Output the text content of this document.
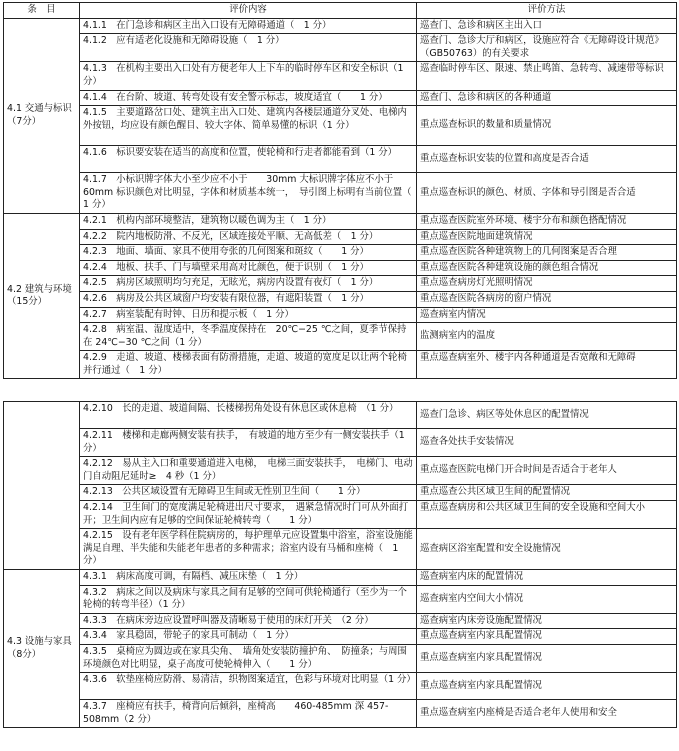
条　目	评价内容	评价方法
4.1 交通与标识（7分）	4.1.1　在门急诊和病区主出入口设有无障碍通道（　1 分）	巡查门、急诊和病区主出入口
	4.1.2　应有适老化设施和无障碍设施（　1 分）	巡查门、急诊大厅和病区，设施应符合《无障碍设计规范》（GB50763）的有关要求
	4.1.3　在机构主要出入口处有方便老年人上下车的临时停车区和安全标识（1 分）	巡查临时停车区、限速、禁止鸣笛、急转弯、减速带等标识
	4.1.4　在台阶、坡道、转弯处设有安全警示标志，坡度适宜（　　1 分）	巡查门、急诊和病区的各种通道
	4.1.5　主要道路岔口处、建筑主出入口处、建筑内各楼层通道分叉处、电梯内外按钮，均应设有颜色醒目、较大字体、简单易懂的标识（1 分）	重点巡查标识的数量和质量情况
	4.1.6　标识要安装在适当的高度和位置，使轮椅和行走者都能看到（1 分）	重点巡查标识安装的位置和高度是否合适
	4.1.7　小标识牌字体大小至少应不小于　　30mm 大标识牌字体应不小于 60mm 标识颜色对比明显，字体和材质基本统一，　导引图上标明有当前位置（　1 分）	重点巡查标识的颜色、材质、字体和导引图是否合适
4.2 建筑与环境（15分）	4.2.1　机构内部环境整洁，建筑物以暖色调为主（　1 分）	重点巡查医院室外环境、楼宇分布和颜色搭配情况
	4.2.2　院内地板防滑、不反光，区域连接处平顺、无高低差（　1 分）	重点巡查医院地面建筑情况
	4.2.3　地面、墙面、家具不使用夸张的几何图案和斑纹（　　1 分）	重点巡查医院各种建筑物上的几何图案是否合理
	4.2.4　地板、扶手、门与墙壁采用高对比颜色，便于识别（　1 分）	重点巡查医院各种建筑设施的颜色组合情况
	4.2.5　病房区域照明均匀充足，无眩光，病房内设置有夜灯（　1 分）	重点巡查病房灯光照明情况
	4.2.6　病房及公共区域窗户均安装有限位器，有遮阳装置（　1 分）	重点巡查医院各病房的窗户情况
	4.2.7　病室装配有时钟、日历和提示板（　1 分）	巡查病室内情况
	4.2.8　病室温、湿度适中，冬季温度保持在　20℃−25 ℃之间，夏季节保持在 24℃−30 ℃之间（1 分）	监测病室内的温度
	4.2.9　走道、坡道、楼梯表面有防滑措施，走道、坡道的宽度足以让两个轮椅并行通过（　1 分）	重点巡查病室外、楼宇内各种通道是否宽敞和无障碍
	4.2.10　长的走道、坡道间隔、长楼梯拐角处设有休息区或休息椅　（1 分）	巡查门急诊、病区等处休息区的配置情况
	4.2.11　楼梯和走廊两侧安装有扶手，　有坡道的地方至少有一侧安装扶手（1 分）	巡查各处扶手安装情况
	4.2.12　易从主入口和重要通道进入电梯，　电梯三面安装扶手，　电梯门、电动门自动阻尼延时≥　4 秒（1 分）	重点巡查医院电梯门开合时间是否适合于老年人
	4.2.13　公共区域设置有无障碍卫生间或无性别卫生间（　　1 分）	重点巡查公共区域卫生间的配置情况
	4.2.14　卫生间门的宽度满足轮椅进出尺寸要求，　遇紧急情况时门可从外面打开；卫生间内应有足够的空间保证轮椅转弯（　　1 分）	重点巡查病房和公共区域卫生间的安全设施和空间大小
	4.2.15　设有老年医学科住院病房的，每护理单元应设置集中浴室，浴室设施能满足自理、半失能和失能老年患者的多种需求；浴室内设有马桶和座椅（　1 分）	巡查病区浴室配置和安全设施情况
4.3 设施与家具（8分）	4.3.1　病床高度可调，有隔档、减压床垫（　1 分）	巡查病室内床的配置情况
	4.3.2　病床之间以及病床与家具之间有足够的空间可供轮椅通行（至少为一个轮椅的转弯半径）（1 分）	巡查病室内空间大小情况
	4.3.3　在病床旁边应设置呼叫器及清晰易于使用的床灯开关　（2 分）	巡查病室内床旁设施配置情况
	4.3.4　家具稳固，带轮子的家具可制动（　1 分）	重点巡查病室内家具配置情况
	4.3.5　桌椅应为圆边或在家具尖角、　墙角处安装防撞护角、　防撞条；与周围环境颜色对比明显，桌子高度可使轮椅伸入（　　1 分）	重点巡查病室内家具配置情况
	4.3.6　软垫座椅应防滑、易清洁，织物图案适宜，色彩与环境对比明显（1 分）	重点巡查病室内家具配置情况
	4.3.7　座椅应有扶手，椅背向后倾斜，座椅高　　460-485mm 深 457-508mm（2 分）	重点巡查病室内座椅是否适合老年人使用和安全
